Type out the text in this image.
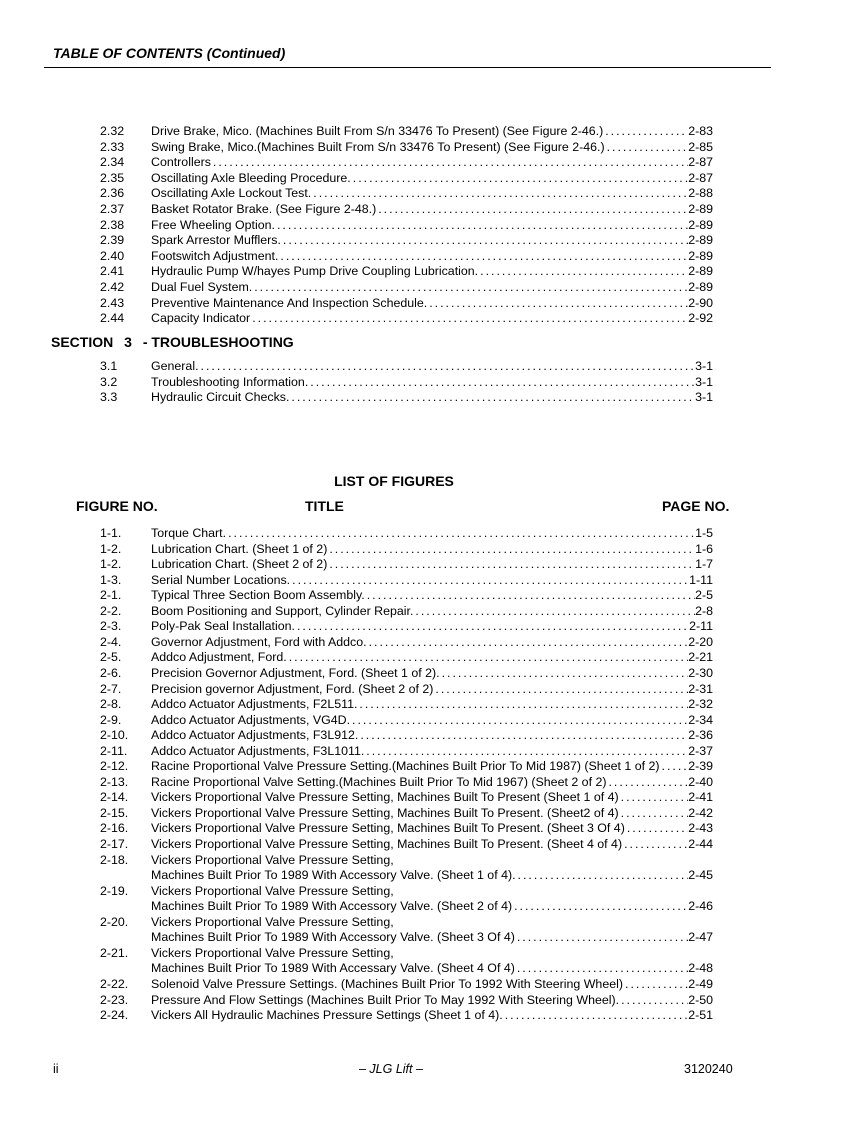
TABLE OF CONTENTS (Continued)
2.32 Drive Brake, Mico. (Machines Built From S/n 33476 To Present) (See Figure 2-46.) .....	2-83
2.33 Swing Brake, Mico.(Machines Built From S/n 33476 To Present) (See Figure 2-46.) .....	2-85
2.34 Controllers .....	2-87
2.35 Oscillating Axle Bleeding Procedure. .....	2-87
2.36 Oscillating Axle Lockout Test. .....	2-88
2.37 Basket Rotator Brake. (See Figure 2-48.) .....	2-89
2.38 Free Wheeling Option. .....	2-89
2.39 Spark Arrestor Mufflers. .....	2-89
2.40 Footswitch Adjustment. .....	2-89
2.41 Hydraulic Pump W/hayes Pump Drive Coupling Lubrication. .....	2-89
2.42 Dual Fuel System. .....	2-89
2.43 Preventive Maintenance And Inspection Schedule. .....	2-90
2.44 Capacity Indicator .....	2-92
SECTION 3 - TROUBLESHOOTING
3.1	General. .....	3-1
3.2	Troubleshooting Information. .....	3-1
3.3	Hydraulic Circuit Checks. .....	3-1
LIST OF FIGURES
FIGURE NO.	TITLE	PAGE NO.
1-1. Torque Chart. .....	1-5
1-2. Lubrication Chart. (Sheet 1 of 2) .....	1-6
1-2. Lubrication Chart. (Sheet 2 of 2) .....	1-7
1-3. Serial Number Locations. .....	1-11
2-1. Typical Three Section Boom Assembly. .....	2-5
2-2. Boom Positioning and Support, Cylinder Repair. .....	2-8
2-3. Poly-Pak Seal Installation. .....	2-11
2-4. Governor Adjustment, Ford with Addco. .....	2-20
2-5. Addco Adjustment, Ford. .....	2-21
2-6. Precision Governor Adjustment, Ford. (Sheet 1 of 2). .....	2-30
2-7. Precision governor Adjustment, Ford. (Sheet 2 of 2) .....	2-31
2-8. Addco Actuator Adjustments, F2L511. .....	2-32
2-9. Addco Actuator Adjustments, VG4D. .....	2-34
2-10. Addco Actuator Adjustments, F3L912. .....	2-36
2-11. Addco Actuator Adjustments, F3L1011. .....	2-37
2-12. Racine Proportional Valve Pressure Setting.(Machines Built Prior To Mid 1987) (Sheet 1 of 2) ..... 2-39
2-13. Racine Proportional Valve Setting.(Machines Built Prior To Mid 1967) (Sheet 2 of 2) .....	2-40
2-14. Vickers Proportional Valve Pressure Setting, Machines Built To Present (Sheet 1 of 4) .....	2-41
2-15. Vickers Proportional Valve Pressure Setting, Machines Built To Present. (Sheet2 of 4) .....	2-42
2-16. Vickers Proportional Valve Pressure Setting, Machines Built To Present. (Sheet 3 Of 4) .....	2-43
2-17. Vickers Proportional Valve Pressure Setting, Machines Built To Present. (Sheet 4 of 4) .....	2-44
2-18. Vickers Proportional Valve Pressure Setting,
Machines Built Prior To 1989 With Accessory Valve. (Sheet 1 of 4). .....	2-45
2-19. Vickers Proportional Valve Pressure Setting,
Machines Built Prior To 1989 With Accessory Valve. (Sheet 2 of 4) .....	2-46
2-20. Vickers Proportional Valve Pressure Setting,
Machines Built Prior To 1989 With Accessory Valve. (Sheet 3 Of 4) .....	2-47
2-21. Vickers Proportional Valve Pressure Setting,
Machines Built Prior To 1989 With Accessary Valve. (Sheet 4 Of 4) .....	2-48
2-22. Solenoid Valve Pressure Settings. (Machines Built Prior To 1992 With Steering Wheel) .....	2-49
2-23. Pressure And Flow Settings (Machines Built Prior To May 1992 With Steering Wheel). .....	2-50
2-24. Vickers All Hydraulic Machines Pressure Settings (Sheet 1 of 4). .....	2-51
ii	– JLG Lift –	3120240
